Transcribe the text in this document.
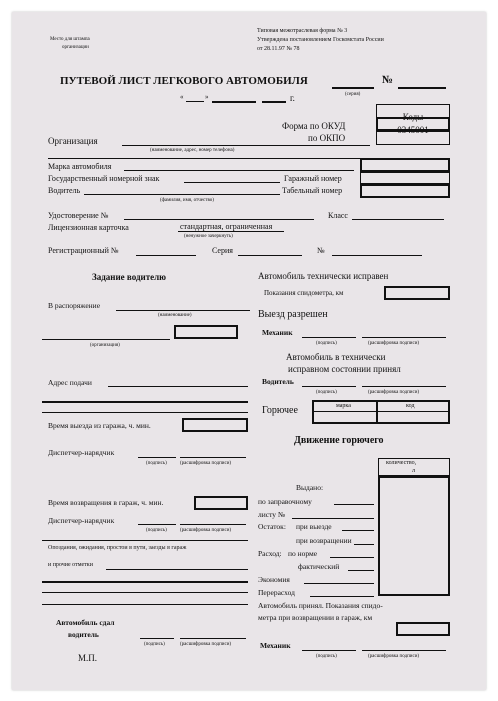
Место для штампа
организации
Типовая межотраслевая форма № 3
Утверждена постановлением Госкомстата России
от 28.11.97 № 78
ПУТЕВОЙ ЛИСТ ЛЕГКОВОГО АВТОМОБИЛЯ	№
(серия)
«	»	г.
Коды
Форма по ОКУД	0345001
по ОКПО
Организация
(наименование, адрес, номер телефона)
Марка автомобиля
Государственный номерной знак	Гаражный номер
Водитель	Табельный номер
(фамилия, имя, отчество)
Удостоверение №	Класс
Лицензионная карточка	стандартная, ограниченная
(ненужное зачеркнуть)
Регистрационный №	Серия	№
Задание водителю
В распоряжение
(наименование)
(организация)
Адрес подачи
Время выезда из гаража, ч. мин.
Диспетчер-нарядчик
(подпись)	(расшифровка подписи)
Время возвращения в гараж, ч. мин.
Диспетчер-нарядчик
(подпись)	(расшифровка подписи)
Опоздания, ожидания, простои в пути, заезды в гараж
и прочие отметки
Автомобиль сдал
водитель
(подпись)	(расшифровка подписи)
М.П.
Автомобиль технически исправен
Показания спидометра, км
Выезд разрешен
Механик
(подпись)	(расшифровка подписи)
Автомобиль в технически
исправном состоянии принял
Водитель
(подпись)	(расшифровка подписи)
Горючее	марка	код
Движение горючего
количество,
л
Выдано:
по заправочному
листу №
Остаток: при выезде
при возвращении
Расход: по норме
фактический
Экономия
Перерасход
Автомобиль принял. Показания спидо-
метра при возвращении в гараж, км
Механик
(подпись)	(расшифровка подписи)
